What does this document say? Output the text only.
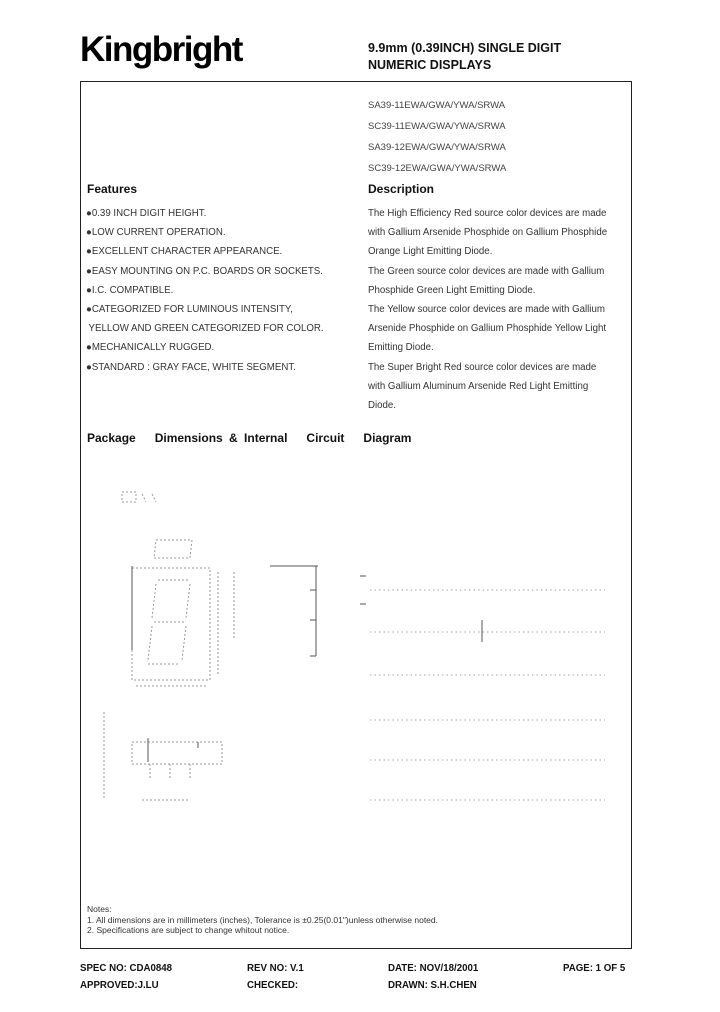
Kingbright	9.9mm (0.39INCH) SINGLE DIGIT
NUMERIC DISPLAYS
SA39-11EWA/GWA/YWA/SRWA
SC39-11EWA/GWA/YWA/SRWA
SA39-12EWA/GWA/YWA/SRWA
SC39-12EWA/GWA/YWA/SRWA
Features	Description
●0.39 INCH DIGIT HEIGHT.
●LOW CURRENT OPERATION.
●EXCELLENT CHARACTER APPEARANCE.
●EASY MOUNTING ON P.C. BOARDS OR SOCKETS.
●I.C. COMPATIBLE.
●CATEGORIZED FOR LUMINOUS INTENSITY,
YELLOW AND GREEN CATEGORIZED FOR COLOR.
●MECHANICALLY RUGGED.
●STANDARD : GRAY FACE, WHITE SEGMENT.
The High Efficiency Red source color devices are made
with Gallium Arsenide Phosphide on Gallium Phosphide
Orange Light Emitting Diode.
The Green source color devices are made with Gallium
Phosphide Green Light Emitting Diode.
The Yellow source color devices are made with Gallium
Arsenide Phosphide on Gallium Phosphide Yellow Light
Emitting Diode.
The Super Bright Red source color devices are made
with Gallium Aluminum Arsenide Red Light Emitting
Diode.
Package   Dimensions & Internal   Circuit   Diagram
Notes:
1. All dimensions are in millimeters (inches), Tolerance is ±0.25(0.01")unless otherwise noted.
2. Specifications are subject to change whitout notice.
SPEC NO: CDA0848	REV NO: V.1	DATE: NOV/18/2001	PAGE: 1 OF 5
APPROVED:J.LU	CHECKED:	DRAWN: S.H.CHEN
